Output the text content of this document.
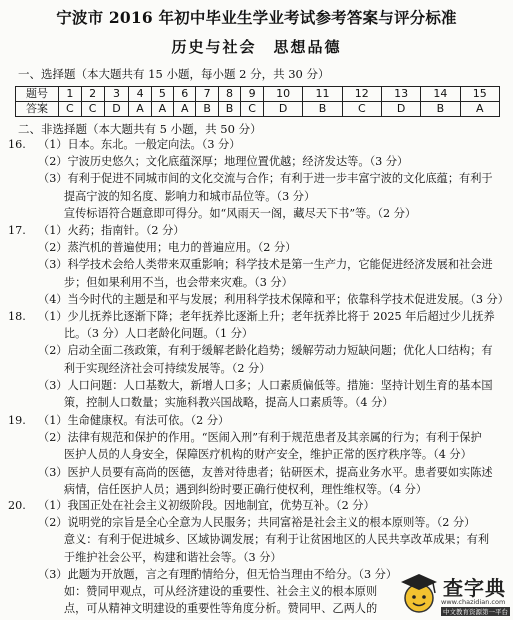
宁波市 2016 年初中毕业生学业考试参考答案与评分标准
历史与社会　思想品德
一、选择题（本大题共有 15 小题，每小题 2 分，共 30 分）
题号	1	2	3	4	5	6	7	8	9	10	11	12	13	14	15
答案	C	C	D	A	A	A	B	B	C	D	B	C	D	B	A
二、非选择题（本大题共有 5 小题，共 50 分）
16. （1）日本。东北。一般定向法。（3 分）
（2）宁波历史悠久；文化底蕴深厚；地理位置优越；经济发达等。（3 分）
（3）有利于促进不同城市间的文化交流与合作；有利于进一步丰富宁波的文化底蕴；有利于
　　 提高宁波的知名度、影响力和城市品位等。（3 分）
　　 宣传标语符合题意即可得分。如“风雨天一阁，藏尽天下书”等。（2 分）
17. （1）火药；指南针。（2 分）
（2）蒸汽机的普遍使用；电力的普遍应用。（2 分）
（3）科学技术会给人类带来双重影响；科学技术是第一生产力，它能促进经济发展和社会进
　　 步；但如果利用不当，也会带来灾难。（3 分）
（4）当今时代的主题是和平与发展；利用科学技术保障和平；依靠科学技术促进发展。（3 分）
18. （1）少儿抚养比逐渐下降；老年抚养比逐渐上升；老年抚养比将于 2025 年后超过少儿抚养
　　 比。（3 分）人口老龄化问题。（1 分）
（2）启动全面二孩政策，有利于缓解老龄化趋势；缓解劳动力短缺问题；优化人口结构；有
　　 利于实现经济社会可持续发展等。（2 分）
（3）人口问题：人口基数大，新增人口多；人口素质偏低等。措施：坚持计划生育的基本国
　　 策，控制人口数量；实施科教兴国战略，提高人口素质等。（4 分）
19. （1）生命健康权。有法可依。（2 分）
（2）法律有规范和保护的作用。“医闹入刑”有利于规范患者及其亲属的行为；有利于保护
　　 医护人员的人身安全，保障医疗机构的财产安全，维护正常的医疗秩序等。（4 分）
（3）医护人员要有高尚的医德，友善对待患者；钻研医术，提高业务水平。患者要如实陈述
　　 病情，信任医护人员；遇到纠纷时要正确行使权利，理性维权等。（4 分）
20. （1）我国正处在社会主义初级阶段。因地制宜，优势互补。（2 分）
（2）说明党的宗旨是全心全意为人民服务；共同富裕是社会主义的根本原则等。（2 分）
　　 意义：有利于促进城乡、区域协调发展；有利于让贫困地区的人民共享改革成果；有利
　　 于维护社会公平，构建和谐社会等。（3 分）
（3）此题为开放题，言之有理酌情给分，但无恰当理由不给分。（3 分）
　　 如：赞同甲观点，可从经济建设的重要性、社会主义的根本原则
　　 点，可从精神文明建设的重要性等角度分析。赞同甲、乙两人的
查字典
www.chazidian.com
中文教育资源第一平台
